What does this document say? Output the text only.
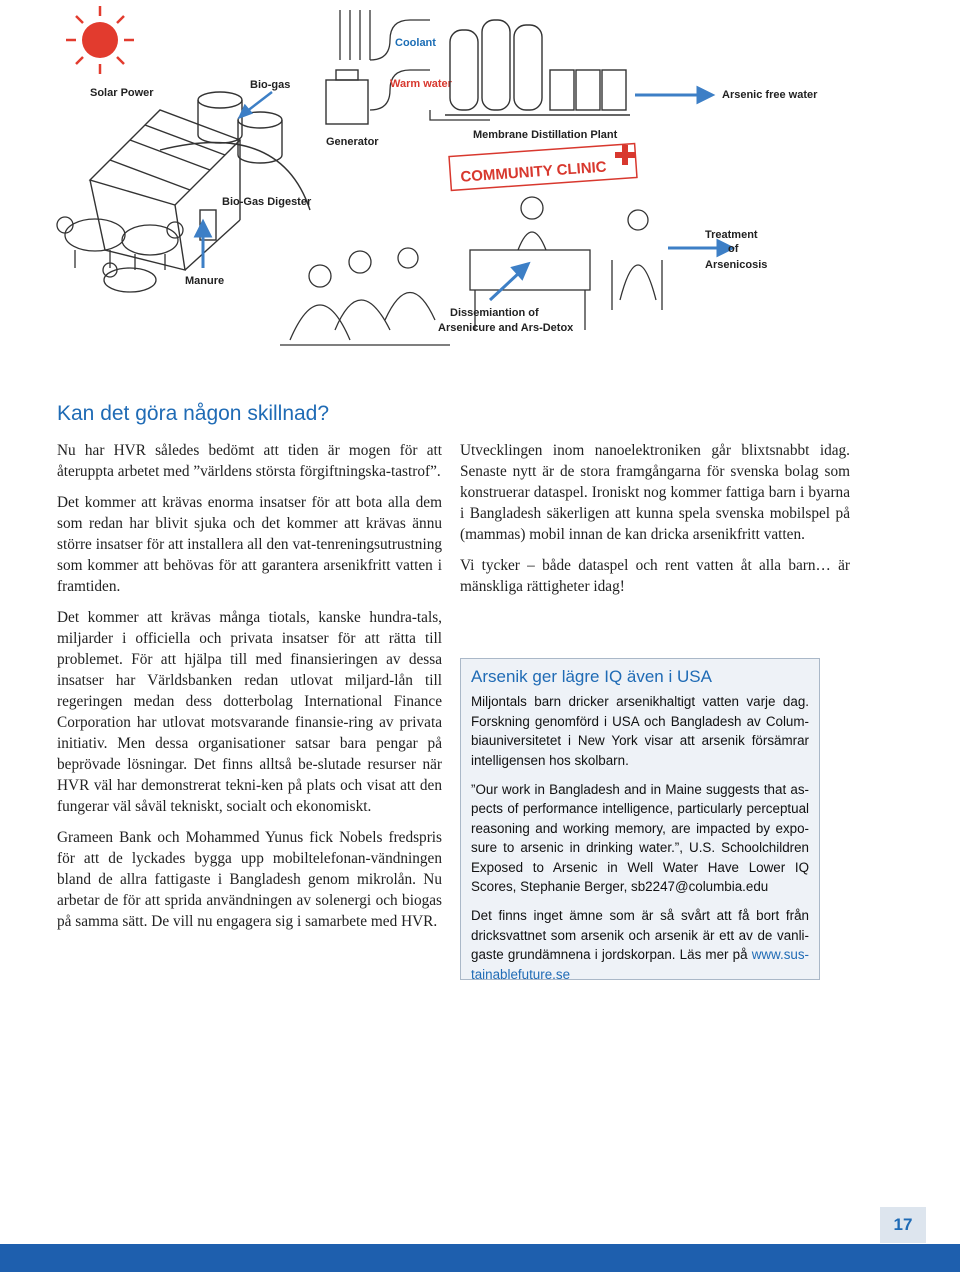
Solar Power
Bio-gas
Generator
Coolant
Warm water
Membrane Distillation Plant
Arsenic free water
COMMUNITY CLINIC
Bio-Gas Digester
Manure
Treatment
of
Arsenicosis
Dissemiantion of
Arsenicure and Ars-Detox
Kan det göra någon skillnad?

Nu har HVR således bedömt att tiden är mogen för att återuppta arbetet med ”världens största förgiftningska-tastrof”.

Det kommer att krävas enorma insatser för att bota alla dem som redan har blivit sjuka och det kommer att krävas ännu större insatser för att installera all den vat-tenreningsutrustning som kommer att behövas för att garantera arsenikfritt vatten i framtiden.

Det kommer att krävas många tiotals, kanske hundra-tals, miljarder i officiella och privata insatser för att rätta till problemet. För att hjälpa till med finansieringen av dessa insatser har Världsbanken redan utlovat miljard-lån till regeringen medan dess dotterbolag International Finance Corporation har utlovat motsvarande finansie-ring av privata initiativ. Men dessa organisationer satsar bara pengar på beprövade lösningar. Det finns alltså be-slutade resurser när HVR väl har demonstrerat tekni-ken på plats och visat att den fungerar väl såväl tekniskt, socialt och ekonomiskt.

Grameen Bank och Mohammed Yunus fick Nobels fredspris för att de lyckades bygga upp mobiltelefonan-vändningen bland de allra fattigaste i Bangladesh genom mikrolån. Nu arbetar de för att sprida användningen av solenergi och biogas på samma sätt. De vill nu engagera sig i samarbete med HVR.

Utvecklingen inom nanoelektroniken går blixtsnabbt idag. Senaste nytt är de stora framgångarna för svenska bolag som konstruerar dataspel. Ironiskt nog kommer fattiga barn i byarna i Bangladesh säkerligen att kunna spela svenska mobilspel på (mammas) mobil innan de kan dricka arsenikfritt vatten.

Vi tycker – både dataspel och rent vatten åt alla barn… är mänskliga rättigheter idag!

Arsenik ger lägre IQ även i USA

Miljontals barn dricker arsenikhaltigt vatten varje dag. Forskning genomförd i USA och Bangladesh av Colum-biauniversitetet i New York visar att arsenik försämrar intelligensen hos skolbarn.

”Our work in Bangladesh and in Maine suggests that as-pects of performance intelligence, particularly perceptual reasoning and working memory, are impacted by expo-sure to arsenic in drinking water.”, U.S. Schoolchildren Exposed to Arsenic in Well Water Have Lower IQ Scores, Stephanie Berger, sb2247@columbia.edu

Det finns inget ämne som är så svårt att få bort från dricksvattnet som arsenik och arsenik är ett av de vanli-gaste grundämnena i jordskorpan. Läs mer på www.sus-tainablefuture.se

17
